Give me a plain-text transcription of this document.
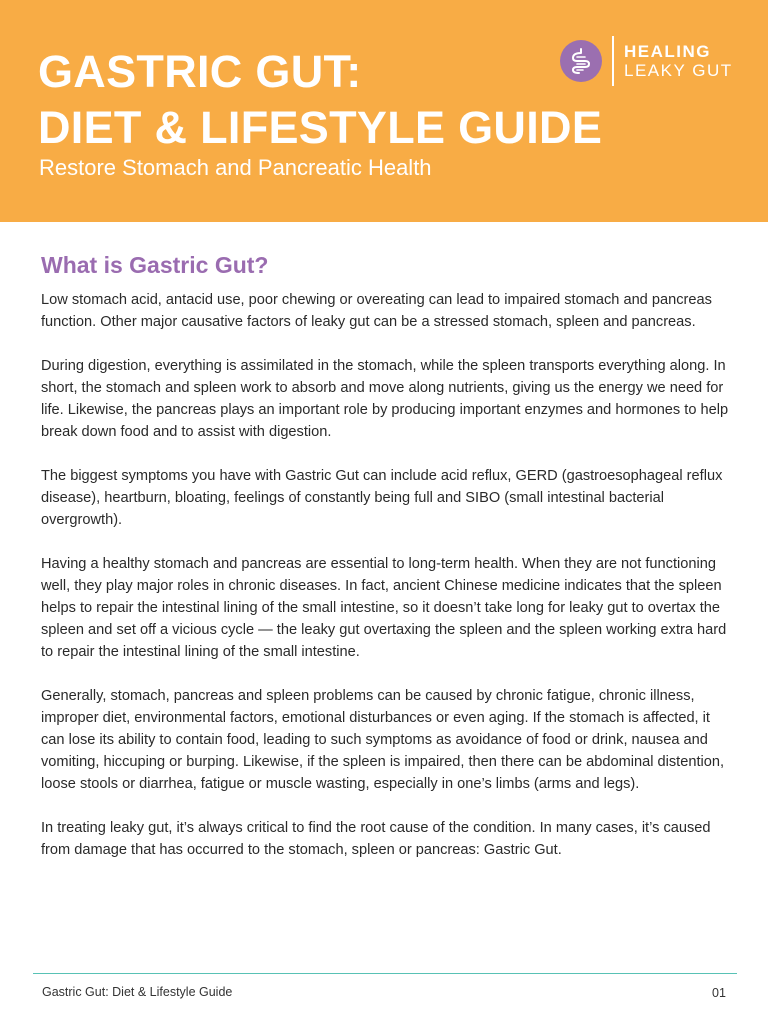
GASTRIC GUT:
DIET & LIFESTYLE GUIDE
Restore Stomach and Pancreatic Health
HEALING
LEAKY GUT
What is Gastric Gut?

Low stomach acid, antacid use, poor chewing or overeating can lead to impaired stomach and pancreas function. Other major causative factors of leaky gut can be a stressed stomach, spleen and pancreas.

During digestion, everything is assimilated in the stomach, while the spleen transports everything along. In short, the stomach and spleen work to absorb and move along nutrients, giving us the energy we need for life. Likewise, the pancreas plays an important role by producing important enzymes and hormones to help break down food and to assist with digestion.

The biggest symptoms you have with Gastric Gut can include acid reflux, GERD (gastroesophageal reflux disease), heartburn, bloating, feelings of constantly being full and SIBO (small intestinal bacterial overgrowth).

Having a healthy stomach and pancreas are essential to long-term health. When they are not functioning well, they play major roles in chronic diseases. In fact, ancient Chinese medicine indicates that the spleen helps to repair the intestinal lining of the small intestine, so it doesn’t take long for leaky gut to overtax the spleen and set off a vicious cycle — the leaky gut overtaxing the spleen and the spleen working extra hard to repair the intestinal lining of the small intestine.

Generally, stomach, pancreas and spleen problems can be caused by chronic fatigue, chronic illness, improper diet, environmental factors, emotional disturbances or even aging. If the stomach is affected, it can lose its ability to contain food, leading to such symptoms as avoidance of food or drink, nausea and vomiting, hiccuping or burping. Likewise, if the spleen is impaired, then there can be abdominal distention, loose stools or diarrhea, fatigue or muscle wasting, especially in one’s limbs (arms and legs).

In treating leaky gut, it’s always critical to find the root cause of the condition. In many cases, it’s caused from damage that has occurred to the stomach, spleen or pancreas: Gastric Gut.

Gastric Gut: Diet & Lifestyle Guide	01
